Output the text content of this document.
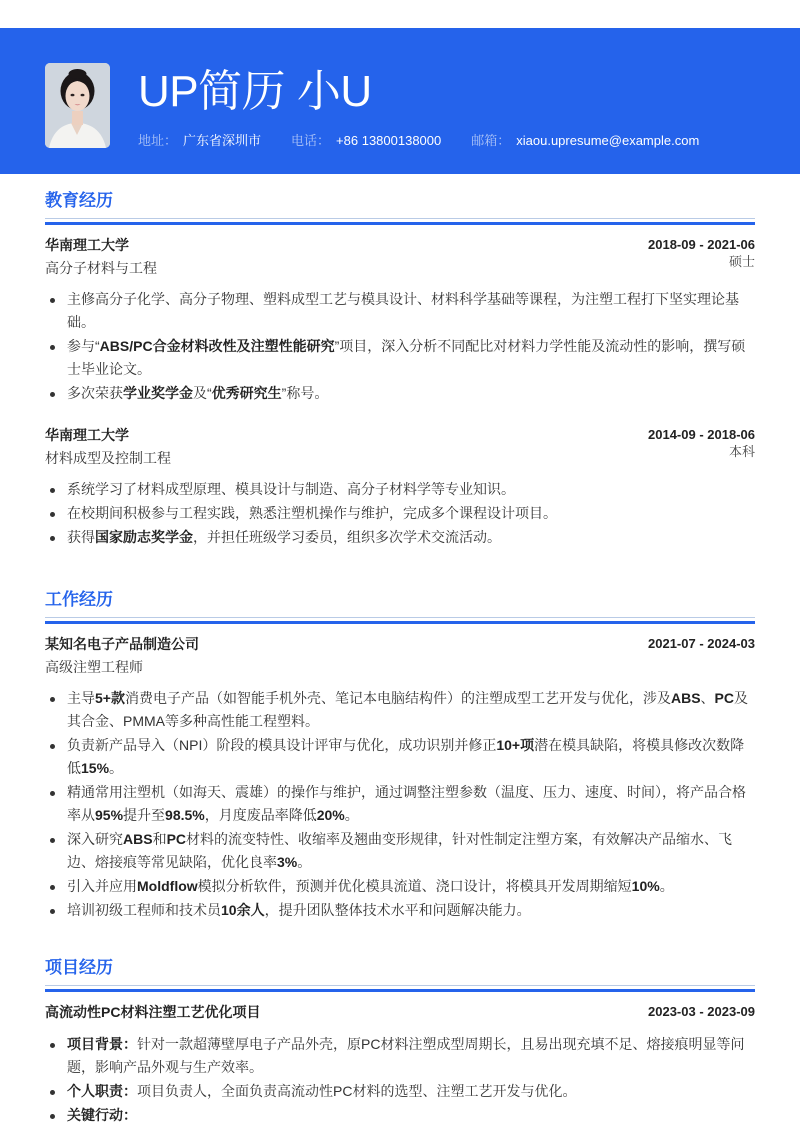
UP简历 小U
地址： 广东省深圳市 电话： +86 13800138000 邮箱： xiaou.upresume@example.com
教育经历
华南理工大学	2018-09 - 2021-06
高分子材料与工程	硕士
主修高分子化学、高分子物理、塑料成型工艺与模具设计、材料科学基础等课程，为注塑工程打下坚实理论基础。
参与“ABS/PC合金材料改性及注塑性能研究”项目，深入分析不同配比对材料力学性能及流动性的影响，撰写硕士毕业论文。
多次荣获学业奖学金及“优秀研究生”称号。
华南理工大学	2014-09 - 2018-06
材料成型及控制工程	本科
系统学习了材料成型原理、模具设计与制造、高分子材料学等专业知识。
在校期间积极参与工程实践，熟悉注塑机操作与维护，完成多个课程设计项目。
获得国家励志奖学金，并担任班级学习委员，组织多次学术交流活动。
工作经历
某知名电子产品制造公司	2021-07 - 2024-03
高级注塑工程师
主导5+款消费电子产品（如智能手机外壳、笔记本电脑结构件）的注塑成型工艺开发与优化，涉及ABS、PC及其合金、PMMA等多种高性能工程塑料。
负责新产品导入（NPI）阶段的模具设计评审与优化，成功识别并修正10+项潜在模具缺陷，将模具修改次数降低15%。
精通常用注塑机（如海天、震雄）的操作与维护，通过调整注塑参数（温度、压力、速度、时间），将产品合格率从95%提升至98.5%，月度废品率降低20%。
深入研究ABS和PC材料的流变特性、收缩率及翘曲变形规律，针对性制定注塑方案，有效解决产品缩水、飞边、熔接痕等常见缺陷，优化良率3%。
引入并应用Moldflow模拟分析软件，预测并优化模具流道、浇口设计，将模具开发周期缩短10%。
培训初级工程师和技术员10余人，提升团队整体技术水平和问题解决能力。
项目经历
高流动性PC材料注塑工艺优化项目	2023-03 - 2023-09
项目背景：针对一款超薄壁厚电子产品外壳，原PC材料注塑成型周期长，且易出现充填不足、熔接痕明显等问题，影响产品外观与生产效率。
个人职责：项目负责人，全面负责高流动性PC材料的选型、注塑工艺开发与优化。
关键行动：
